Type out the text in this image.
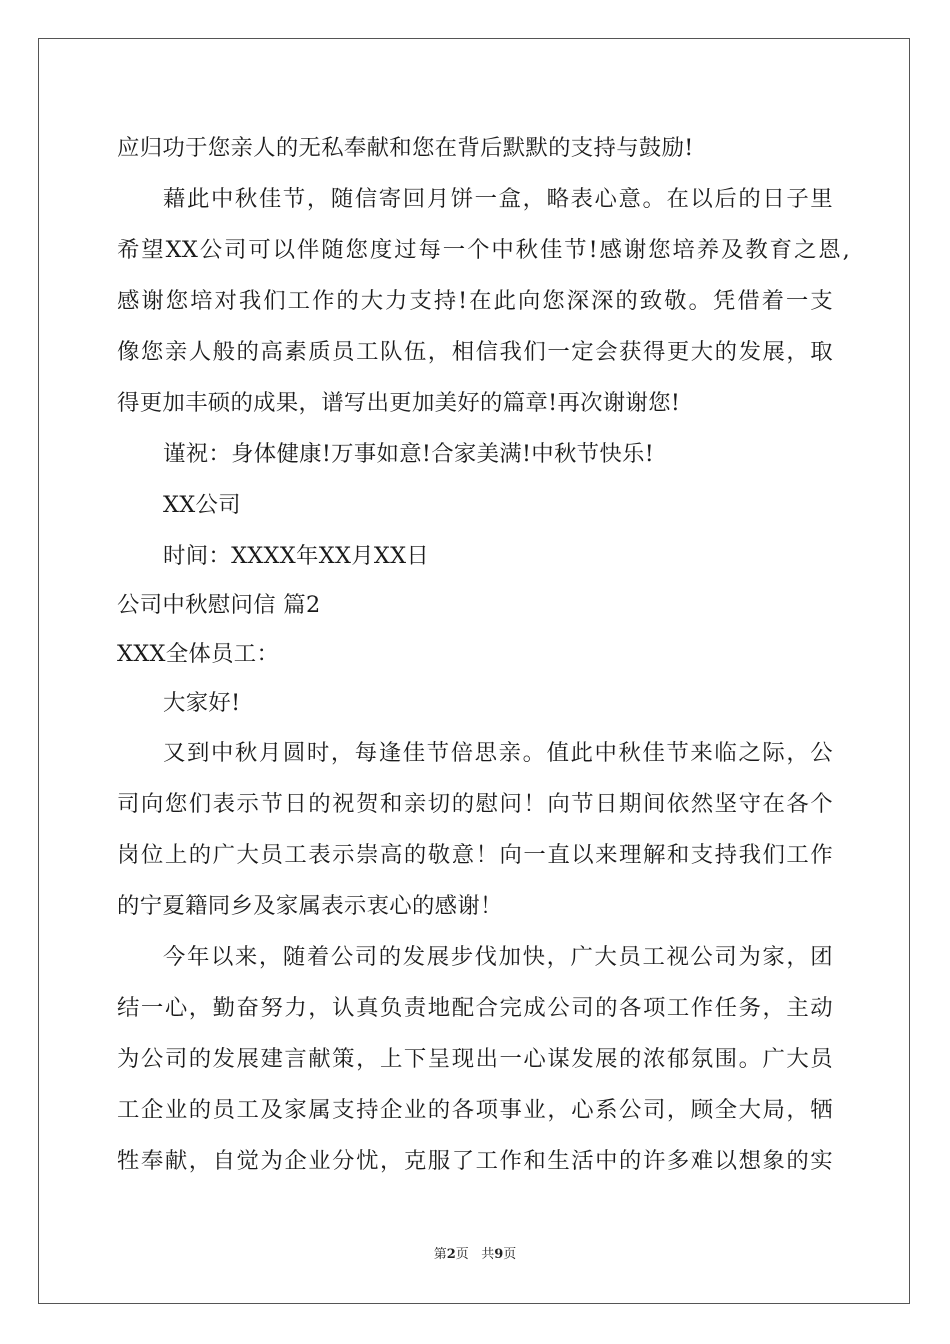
应归功于您亲人的无私奉献和您在背后默默的支持与鼓励!
藉此中秋佳节，随信寄回月饼一盒，略表心意。在以后的日子里
希望XX公司可以伴随您度过每一个中秋佳节!感谢您培养及教育之恩,
感谢您培对我们工作的大力支持!在此向您深深的致敬。凭借着一支
像您亲人般的高素质员工队伍，相信我们一定会获得更大的发展，取
得更加丰硕的成果，谱写出更加美好的篇章!再次谢谢您!
谨祝：身体健康!万事如意!合家美满!中秋节快乐!
XX公司
时间：XXXX年XX月XX日
公司中秋慰问信 篇2
XXX全体员工：
大家好!
又到中秋月圆时，每逢佳节倍思亲。值此中秋佳节来临之际，公
司向您们表示节日的祝贺和亲切的慰问！向节日期间依然坚守在各个
岗位上的广大员工表示崇高的敬意！向一直以来理解和支持我们工作
的宁夏籍同乡及家属表示衷心的感谢！
今年以来，随着公司的发展步伐加快，广大员工视公司为家，团
结一心，勤奋努力，认真负责地配合完成公司的各项工作任务，主动
为公司的发展建言献策，上下呈现出一心谋发展的浓郁氛围。广大员
工企业的员工及家属支持企业的各项事业，心系公司，顾全大局，牺
牲奉献，自觉为企业分忧，克服了工作和生活中的许多难以想象的实
第2页   共9页
